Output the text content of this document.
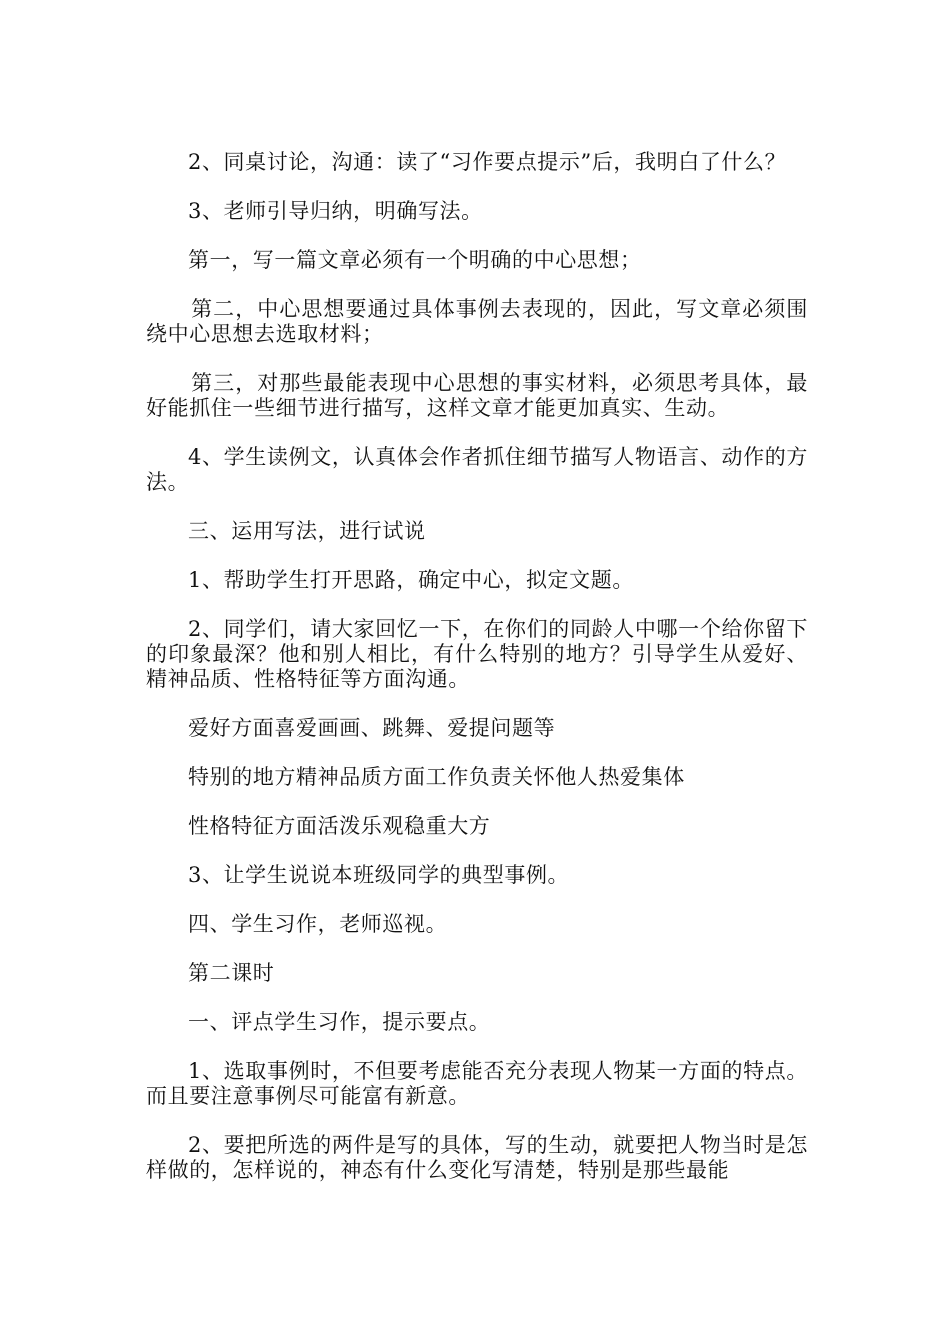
2、同桌讨论，沟通：读了“习作要点提示”后，我明白了什么？

3、老师引导归纳，明确写法。

第一，写一篇文章必须有一个明确的中心思想；

第二，中心思想要通过具体事例去表现的，因此，写文章必须围绕中心思想去选取材料；

第三，对那些最能表现中心思想的事实材料，必须思考具体，最好能抓住一些细节进行描写，这样文章才能更加真实、生动。

4、学生读例文，认真体会作者抓住细节描写人物语言、动作的方法。

三、运用写法，进行试说

1、帮助学生打开思路，确定中心，拟定文题。

2、同学们，请大家回忆一下，在你们的同龄人中哪一个给你留下的印象最深？他和别人相比，有什么特别的地方？引导学生从爱好、精神品质、性格特征等方面沟通。

爱好方面喜爱画画、跳舞、爱提问题等

特别的地方精神品质方面工作负责关怀他人热爱集体

性格特征方面活泼乐观稳重大方

3、让学生说说本班级同学的典型事例。

四、学生习作，老师巡视。

第二课时

一、评点学生习作，提示要点。

1、选取事例时，不但要考虑能否充分表现人物某一方面的特点。而且要注意事例尽可能富有新意。

2、要把所选的两件是写的具体，写的生动，就要把人物当时是怎样做的，怎样说的，神态有什么变化写清楚，特别是那些最能
